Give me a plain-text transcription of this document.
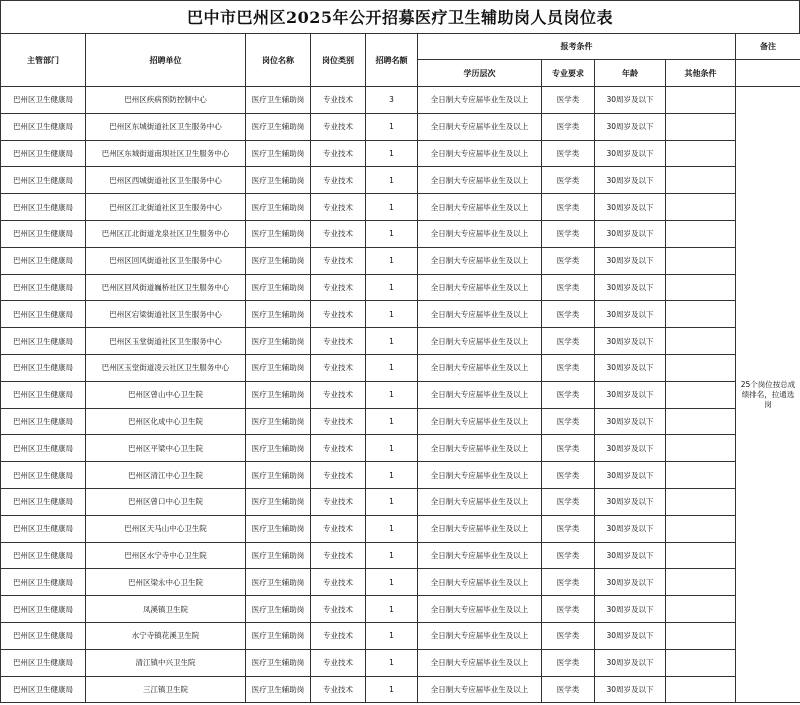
巴中市巴州区2025年公开招募医疗卫生辅助岗人员岗位表
主管部门	招聘单位	岗位名称	岗位类别	招聘名额	报考条件				备注
					学历层次	专业要求	年龄	其他条件	
巴州区卫生健康局	巴州区疾病预防控制中心	医疗卫生辅助岗	专业技术	3	全日制大专应届毕业生及以上	医学类	30周岁及以下		25个岗位按总成绩排名，拉通选岗
巴州区卫生健康局	巴州区东城街道社区卫生服务中心	医疗卫生辅助岗	专业技术	1	全日制大专应届毕业生及以上	医学类	30周岁及以下		
巴州区卫生健康局	巴州区东城街道南坝社区卫生服务中心	医疗卫生辅助岗	专业技术	1	全日制大专应届毕业生及以上	医学类	30周岁及以下		
巴州区卫生健康局	巴州区西城街道社区卫生服务中心	医疗卫生辅助岗	专业技术	1	全日制大专应届毕业生及以上	医学类	30周岁及以下		
巴州区卫生健康局	巴州区江北街道社区卫生服务中心	医疗卫生辅助岗	专业技术	1	全日制大专应届毕业生及以上	医学类	30周岁及以下		
巴州区卫生健康局	巴州区江北街道龙泉社区卫生服务中心	医疗卫生辅助岗	专业技术	1	全日制大专应届毕业生及以上	医学类	30周岁及以下		
巴州区卫生健康局	巴州区回风街道社区卫生服务中心	医疗卫生辅助岗	专业技术	1	全日制大专应届毕业生及以上	医学类	30周岁及以下		
巴州区卫生健康局	巴州区回风街道巍桥社区卫生服务中心	医疗卫生辅助岗	专业技术	1	全日制大专应届毕业生及以上	医学类	30周岁及以下		
巴州区卫生健康局	巴州区宕梁街道社区卫生服务中心	医疗卫生辅助岗	专业技术	1	全日制大专应届毕业生及以上	医学类	30周岁及以下		
巴州区卫生健康局	巴州区玉堂街道社区卫生服务中心	医疗卫生辅助岗	专业技术	1	全日制大专应届毕业生及以上	医学类	30周岁及以下		
巴州区卫生健康局	巴州区玉堂街道凌云社区卫生服务中心	医疗卫生辅助岗	专业技术	1	全日制大专应届毕业生及以上	医学类	30周岁及以下		
巴州区卫生健康局	巴州区曾山中心卫生院	医疗卫生辅助岗	专业技术	1	全日制大专应届毕业生及以上	医学类	30周岁及以下		
巴州区卫生健康局	巴州区化成中心卫生院	医疗卫生辅助岗	专业技术	1	全日制大专应届毕业生及以上	医学类	30周岁及以下		
巴州区卫生健康局	巴州区平梁中心卫生院	医疗卫生辅助岗	专业技术	1	全日制大专应届毕业生及以上	医学类	30周岁及以下		
巴州区卫生健康局	巴州区清江中心卫生院	医疗卫生辅助岗	专业技术	1	全日制大专应届毕业生及以上	医学类	30周岁及以下		
巴州区卫生健康局	巴州区曾口中心卫生院	医疗卫生辅助岗	专业技术	1	全日制大专应届毕业生及以上	医学类	30周岁及以下		
巴州区卫生健康局	巴州区天马山中心卫生院	医疗卫生辅助岗	专业技术	1	全日制大专应届毕业生及以上	医学类	30周岁及以下		
巴州区卫生健康局	巴州区水宁寺中心卫生院	医疗卫生辅助岗	专业技术	1	全日制大专应届毕业生及以上	医学类	30周岁及以下		
巴州区卫生健康局	巴州区梁永中心卫生院	医疗卫生辅助岗	专业技术	1	全日制大专应届毕业生及以上	医学类	30周岁及以下		
巴州区卫生健康局	凤溪镇卫生院	医疗卫生辅助岗	专业技术	1	全日制大专应届毕业生及以上	医学类	30周岁及以下		
巴州区卫生健康局	水宁寺镇花溪卫生院	医疗卫生辅助岗	专业技术	1	全日制大专应届毕业生及以上	医学类	30周岁及以下		
巴州区卫生健康局	清江镇中兴卫生院	医疗卫生辅助岗	专业技术	1	全日制大专应届毕业生及以上	医学类	30周岁及以下		
巴州区卫生健康局	三江镇卫生院	医疗卫生辅助岗	专业技术	1	全日制大专应届毕业生及以上	医学类	30周岁及以下		
